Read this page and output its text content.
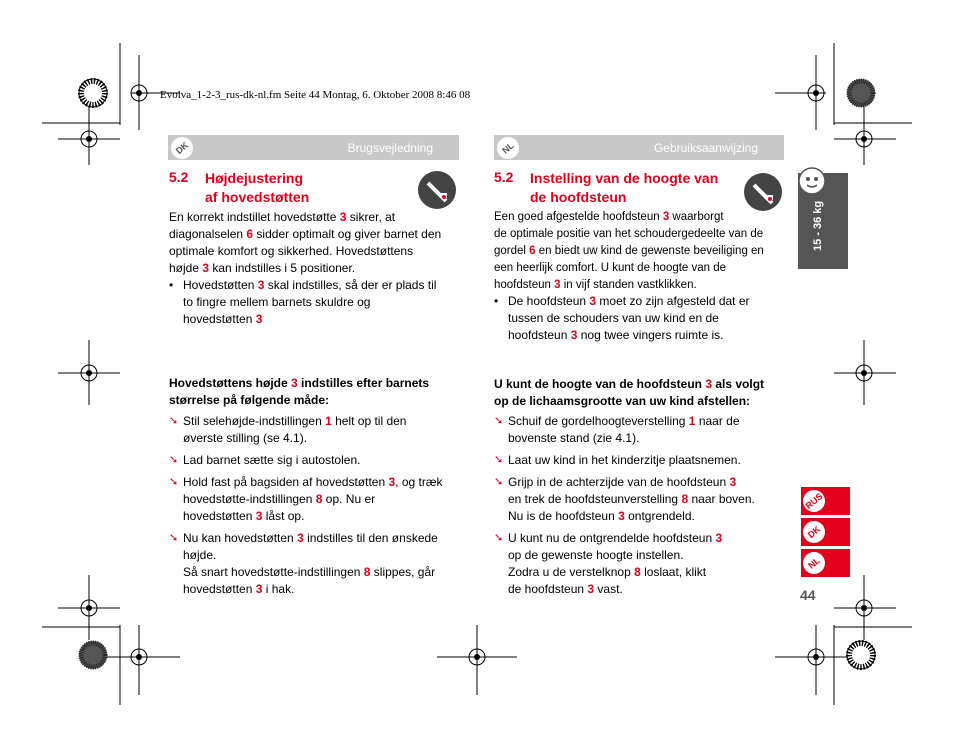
Evolva_1-2-3_rus-dk-nl.fm Seite 44 Montag, 6. Oktober 2008 8:46 08
DK	Brugsvejledning
5.2 Højdejustering
af hovedstøtten
En korrekt indstillet hovedstøtte 3 sikrer, at
diagonalselen 6 sidder optimalt og giver barnet den
optimale komfort og sikkerhed. Hovedstøttens
højde 3 kan indstilles i 5 positioner.
• Hovedstøtten 3 skal indstilles, så der er plads til
to fingre mellem barnets skuldre og
hovedstøtten 3
Hovedstøttens højde 3 indstilles efter barnets
størrelse på følgende måde:
➘ Stil selehøjde-indstillingen 1 helt op til den
øverste stilling (se 4.1).
➘ Lad barnet sætte sig i autostolen.
➘ Hold fast på bagsiden af hovedstøtten 3, og træk
hovedstøtte-indstillingen 8 op. Nu er
hovedstøtten 3 låst op.
➘ Nu kan hovedstøtten 3 indstilles til den ønskede
højde.
Så snart hovedstøtte-indstillingen 8 slippes, går
hovedstøtten 3 i hak.
NL	Gebruiksaanwijzing
5.2 Instelling van de hoogte van
de hoofdsteun
Een goed afgestelde hoofdsteun 3 waarborgt
de optimale positie van het schoudergedeelte van de
gordel 6 en biedt uw kind de gewenste beveiliging en
een heerlijk comfort. U kunt de hoogte van de
hoofdsteun 3 in vijf standen vastklikken.
• De hoofdsteun 3 moet zo zijn afgesteld dat er
tussen de schouders van uw kind en de
hoofdsteun 3 nog twee vingers ruimte is.
U kunt de hoogte van de hoofdsteun 3 als volgt
op de lichaamsgrootte van uw kind afstellen:
➘ Schuif de gordelhoogteverstelling 1 naar de
bovenste stand (zie 4.1).
➘ Laat uw kind in het kinderzitje plaatsnemen.
➘ Grijp in de achterzijde van de hoofdsteun 3
en trek de hoofdsteunverstelling 8 naar boven.
Nu is de hoofdsteun 3 ontgrendeld.
➘ U kunt nu de ontgrendelde hoofdsteun 3
op de gewenste hoogte instellen.
Zodra u de verstelknop 8 loslaat, klikt
de hoofdsteun 3 vast.
15 - 36 kg
RUS
DK
NL
44
